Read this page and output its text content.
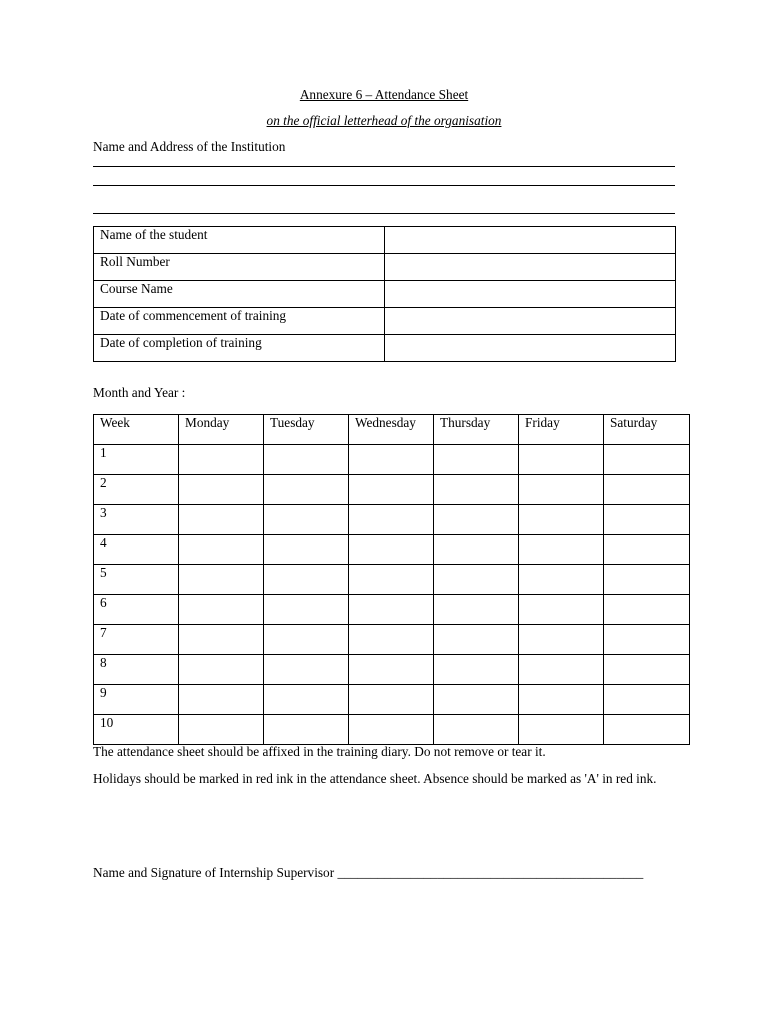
Annexure 6 – Attendance Sheet
on the official letterhead of the organisation
Name and Address of the Institution
Name of the student	
Roll Number	
Course Name	
Date of commencement of training	
Date of completion of training	
Month and Year :
Week	Monday	Tuesday	Wednesday	Thursday	Friday	Saturday
1						
2						
3						
4						
5						
6						
7						
8						
9						
10						
The attendance sheet should be affixed in the training diary. Do not remove or tear it.
Holidays should be marked in red ink in the attendance sheet. Absence should be marked as 'A' in red ink.
Name and Signature of Internship Supervisor ______________________________________________
